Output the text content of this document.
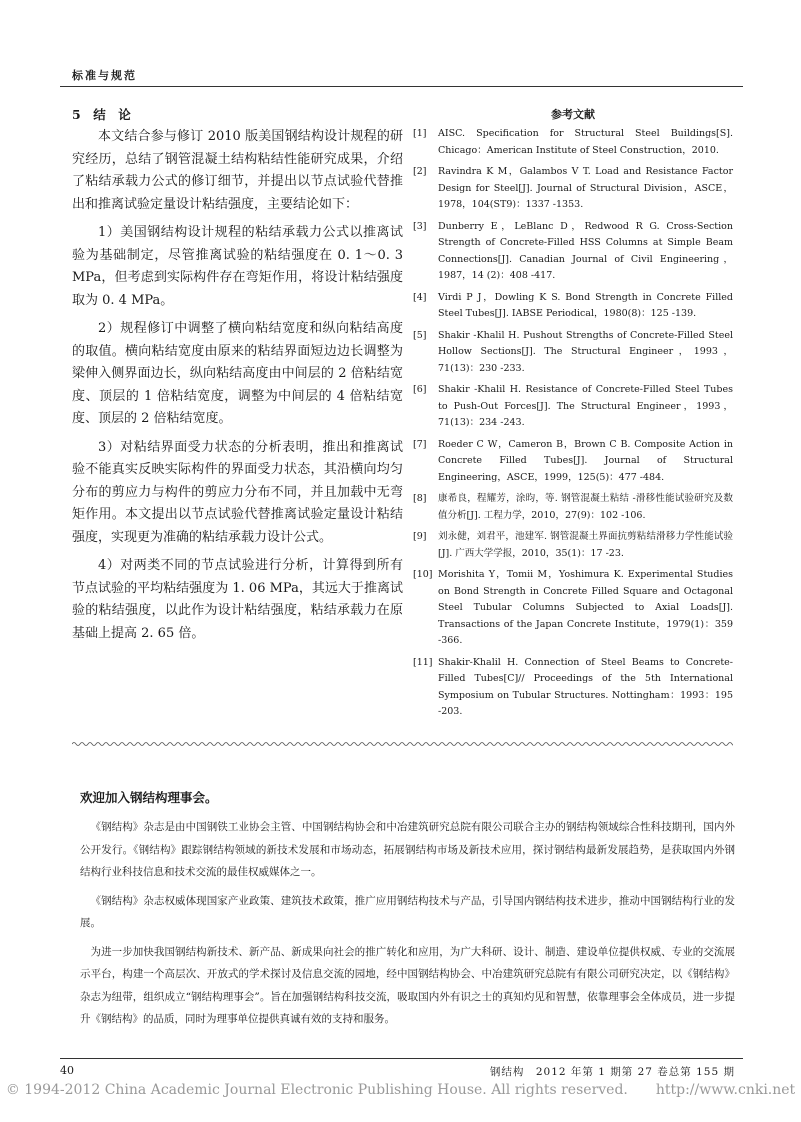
标准与规范
5　结　论

本文结合参与修订 2010 版美国钢结构设计规程的研究经历，总结了钢管混凝土结构粘结性能研究成果，介绍了粘结承载力公式的修订细节，并提出以节点试验代替推出和推离试验定量设计粘结强度，主要结论如下：

1）美国钢结构设计规程的粘结承载力公式以推离试验为基础制定，尽管推离试验的粘结强度在 0. 1～0. 3 MPa，但考虑到实际构件存在弯矩作用，将设计粘结强度取为 0. 4 MPa。

2）规程修订中调整了横向粘结宽度和纵向粘结高度的取值。横向粘结宽度由原来的粘结界面短边边长调整为梁伸入侧界面边长，纵向粘结高度由中间层的 2 倍粘结宽度、顶层的 1 倍粘结宽度，调整为中间层的 4 倍粘结宽度、顶层的 2 倍粘结宽度。

3）对粘结界面受力状态的分析表明，推出和推离试验不能真实反映实际构件的界面受力状态，其沿横向均匀分布的剪应力与构件的剪应力分布不同，并且加载中无弯矩作用。本文提出以节点试验代替推离试验定量设计粘结强度，实现更为准确的粘结承载力设计公式。

4）对两类不同的节点试验进行分析，计算得到所有节点试验的平均粘结强度为 1. 06 MPa，其远大于推离试验的粘结强度，以此作为设计粘结强度，粘结承载力在原基础上提高 2. 65 倍。

参考文献
[1]	AISC. Specification for Structural Steel Buildings[S]. Chicago：American Institute of Steel Construction，2010.
[2]	Ravindra K M，Galambos V T. Load and Resistance Factor Design for Steel[J]. Journal of Structural Division，ASCE，1978，104(ST9)：1337 -1353.
[3]	Dunberry E，LeBlanc D，Redwood R G. Cross-Section Strength of Concrete-Filled HSS Columns at Simple Beam Connections[J]. Canadian Journal of Civil Engineering，1987，14 (2)：408 -417.
[4]	Virdi P J，Dowling K S. Bond Strength in Concrete Filled Steel Tubes[J]. IABSE Periodical，1980(8)：125 -139.
[5]	Shakir -Khalil H. Pushout Strengths of Concrete-Filled Steel Hollow Sections[J]. The Structural Engineer，1993，71(13)：230 -233.
[6]	Shakir -Khalil H. Resistance of Concrete-Filled Steel Tubes to Push-Out Forces[J]. The Structural Engineer，1993，71(13)：234 -243.
[7]	Roeder C W，Cameron B，Brown C B. Composite Action in Concrete Filled Tubes[J]. Journal of Structural Engineering，ASCE，1999，125(5)：477 -484.
[8]	康希良，程耀芳，涂昀，等. 钢管混凝土粘结 -滑移性能试验研究及数值分析[J]. 工程力学，2010，27(9)：102 -106.
[9]	刘永健，刘君平，池建军. 钢管混凝土界面抗剪粘结滑移力学性能试验[J]. 广西大学学报，2010，35(1)：17 -23.
[10] Morishita Y，Tomii M，Yoshimura K. Experimental Studies on Bond Strength in Concrete Filled Square and Octagonal Steel Tubular Columns Subjected to Axial Loads[J]. Transactions of the Japan Concrete Institute，1979(1)：359 -366.
[11] Shakir-Khalil H. Connection of Steel Beams to Concrete-Filled Tubes[C]// Proceedings of the 5th International Symposium on Tubular Structures. Nottingham：1993：195 -203.
欢迎加入钢结构理事会。

《钢结构》杂志是由中国钢铁工业协会主管、中国钢结构协会和中冶建筑研究总院有限公司联合主办的钢结构领域综合性科技期刊，国内外公开发行。《钢结构》跟踪钢结构领域的新技术发展和市场动态，拓展钢结构市场及新技术应用，探讨钢结构最新发展趋势，是获取国内外钢结构行业科技信息和技术交流的最佳权威媒体之一。

《钢结构》杂志权威体现国家产业政策、建筑技术政策，推广应用钢结构技术与产品，引导国内钢结构技术进步，推动中国钢结构行业的发展。

为进一步加快我国钢结构新技术、新产品、新成果向社会的推广转化和应用，为广大科研、设计、制造、建设单位提供权威、专业的交流展示平台，构建一个高层次、开放式的学术探讨及信息交流的园地，经中国钢结构协会、中冶建筑研究总院有有限公司研究决定，以《钢结构》杂志为纽带，组织成立“钢结构理事会”。旨在加强钢结构科技交流，吸取国内外有识之士的真知灼见和智慧，依靠理事会全体成员，进一步提升《钢结构》的品质，同时为理事单位提供真诚有效的支持和服务。

40	钢结构　2012 年第 1 期第 27 卷总第 155 期
© 1994-2012 China Academic Journal Electronic Publishing House. All rights reserved.　　http://www.cnki.net
